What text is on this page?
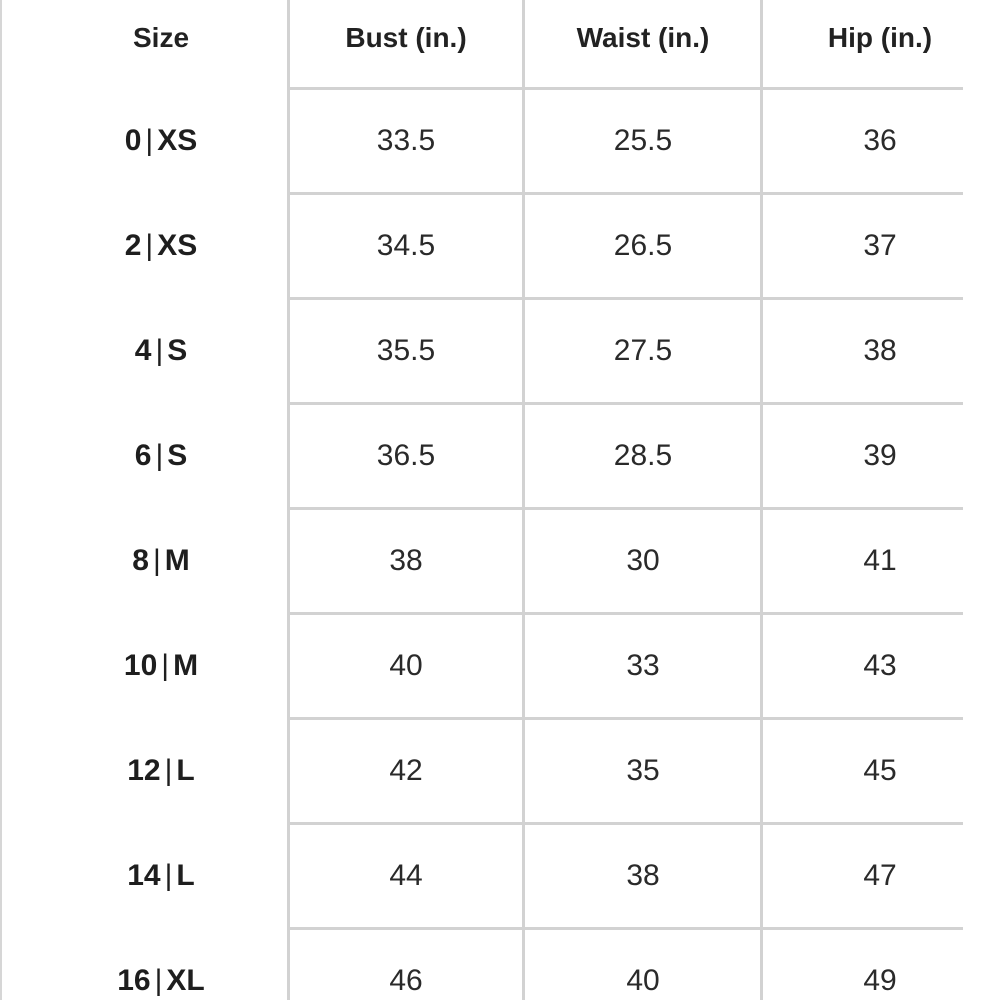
Size	Bust (in.)	Waist (in.)	Hip (in.)
0 | XS	33.5	25.5	36
2 | XS	34.5	26.5	37
4 | S	35.5	27.5	38
6 | S	36.5	28.5	39
8 | M	38	30	41
10 | M	40	33	43
12 | L	42	35	45
14 | L	44	38	47
16 | XL	46	40	49
